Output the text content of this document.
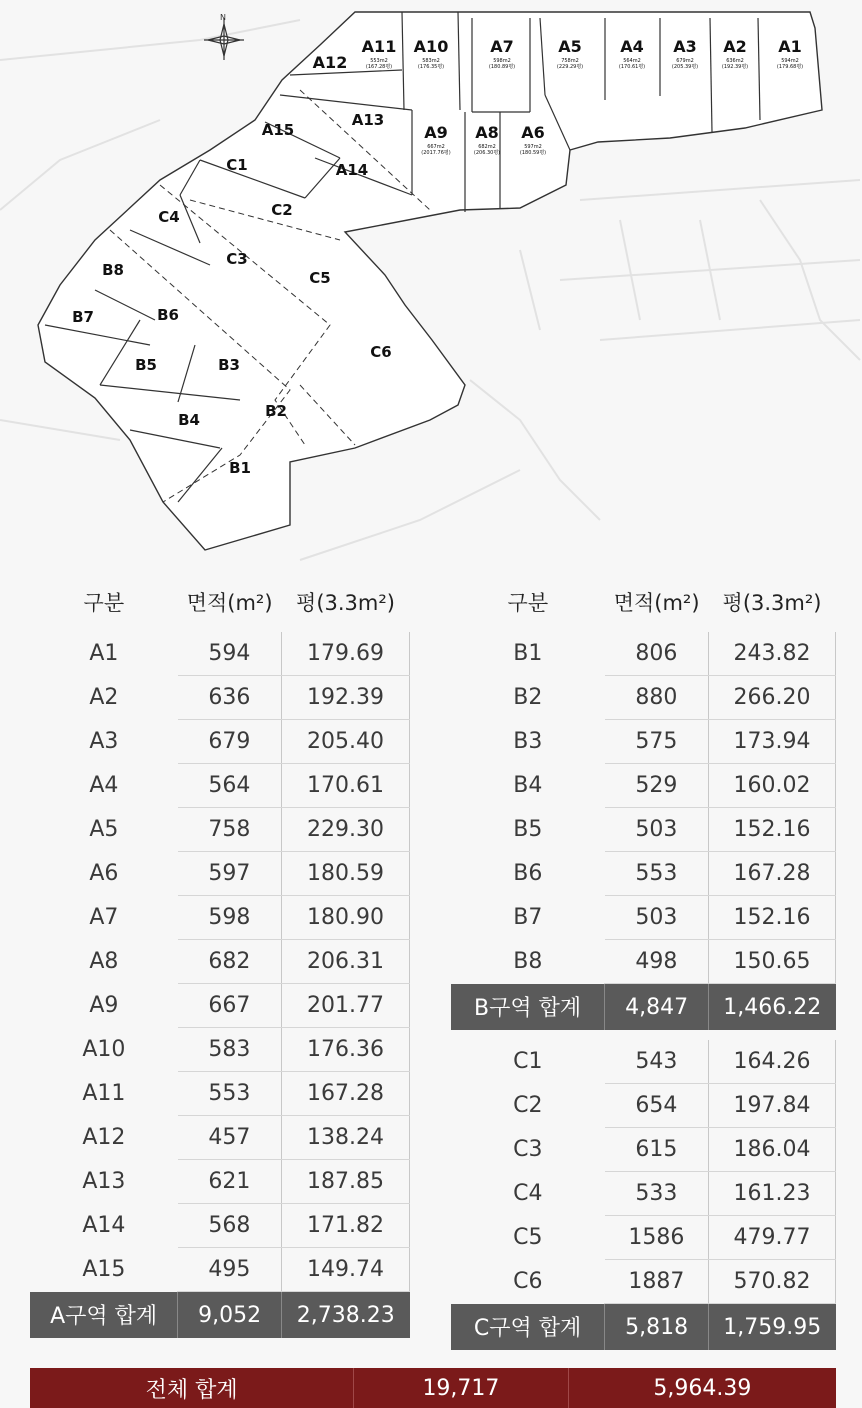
N
A1
594m2
(179.68평)
A2
636m2
(192.39평)
A3
679m2
(205.39평)
A4
564m2
(170.61평)
A5
758m2
(229.29평)
A6
597m2
(180.59평)
A7
598m2
(180.89평)
A8
682m2
(206.30평)
A9
667m2
(2017.76평)
A10
583m2
(176.35평)
A11
553m2
(167.28평)
A12
A13
A14
A15
B1
B2
B3
B4
B5
B6
B7
B8
C1
C2
C3
C4
C5
C6
구분	면적(m²)	평(3.3m²)
A1	594	179.69
A2	636	192.39
A3	679	205.40
A4	564	170.61
A5	758	229.30
A6	597	180.59
A7	598	180.90
A8	682	206.31
A9	667	201.77
A10	583	176.36
A11	553	167.28
A12	457	138.24
A13	621	187.85
A14	568	171.82
A15	495	149.74
A구역 합계	9,052	2,738.23
구분	면적(m²)	평(3.3m²)
B1	806	243.82
B2	880	266.20
B3	575	173.94
B4	529	160.02
B5	503	152.16
B6	553	167.28
B7	503	152.16
B8	498	150.65
B구역 합계	4,847	1,466.22

C1	543	164.26
C2	654	197.84
C3	615	186.04
C4	533	161.23
C5	1586	479.77
C6	1887	570.82
C구역 합계	5,818	1,759.95
전체 합계	19,717	5,964.39
